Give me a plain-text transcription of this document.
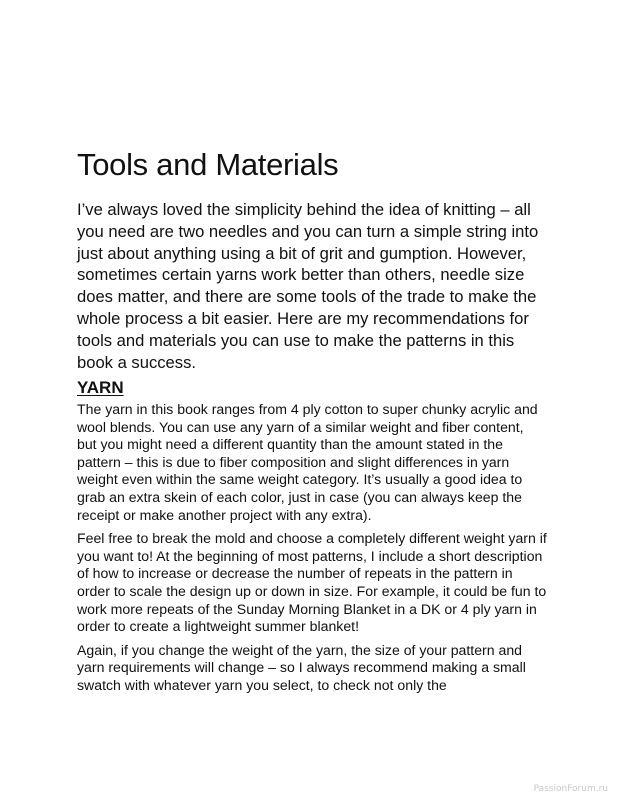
Tools and Materials

I’ve always loved the simplicity behind the idea of knitting – all you need are two needles and you can turn a simple string into just about anything using a bit of grit and gumption. However, sometimes certain yarns work better than others, needle size does matter, and there are some tools of the trade to make the whole process a bit easier. Here are my recommendations for tools and materials you can use to make the patterns in this book a success.

YARN

The yarn in this book ranges from 4 ply cotton to super chunky acrylic and wool blends. You can use any yarn of a similar weight and fiber content, but you might need a different quantity than the amount stated in the pattern – this is due to fiber composition and slight differences in yarn weight even within the same weight category. It’s usually a good idea to grab an extra skein of each color, just in case (you can always keep the receipt or make another project with any extra).

Feel free to break the mold and choose a completely different weight yarn if you want to! At the beginning of most patterns, I include a short description of how to increase or decrease the number of repeats in the pattern in order to scale the design up or down in size. For example, it could be fun to work more repeats of the Sunday Morning Blanket in a DK or 4 ply yarn in order to create a lightweight summer blanket!

Again, if you change the weight of the yarn, the size of your pattern and yarn requirements will change – so I always recommend making a small swatch with whatever yarn you select, to check not only the

PassionForum.ru
